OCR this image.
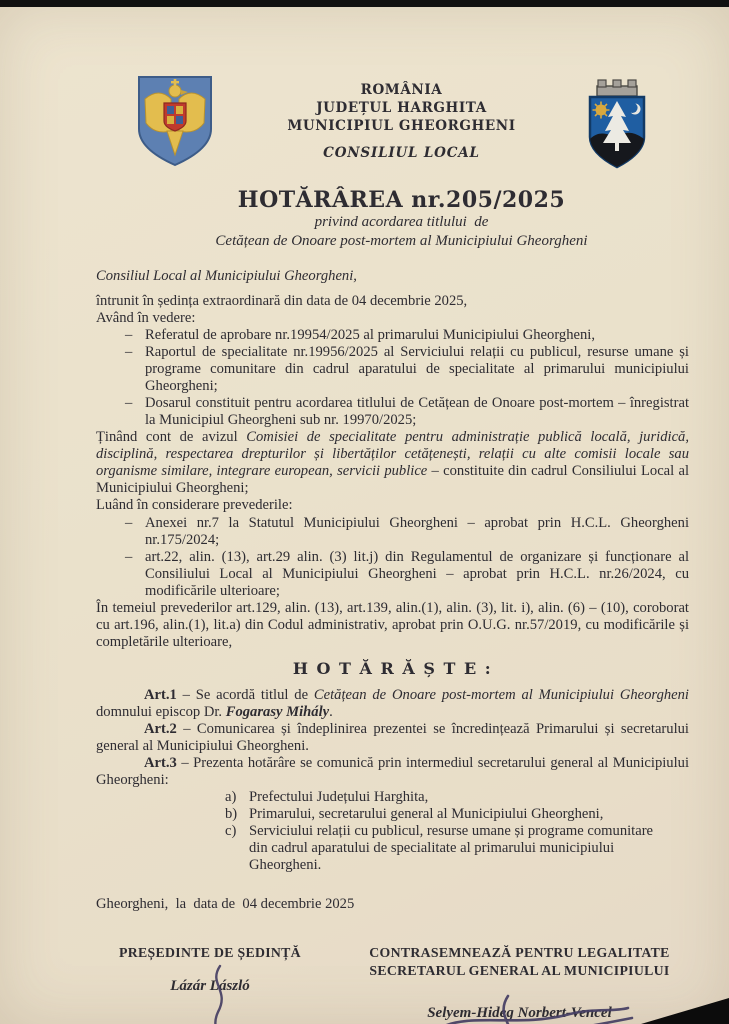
ROMÂNIA
JUDEȚUL HARGHITA
MUNICIPIUL GHEORGHENI
CONSILIUL LOCAL
HOTĂRÂREA nr.205/2025
privind acordarea titlului  de
Cetățean de Onoare post-mortem al Municipiului Gheorgheni

Consiliul Local al Municipiului Gheorgheni,

întrunit în ședința extraordinară din data de 04 decembrie 2025,

Având în vedere:

– Referatul de aprobare nr.19954/2025 al primarului Municipiului Gheorgheni,
– Raportul de specialitate nr.19956/2025 al Serviciului relații cu publicul, resurse umane și programe comunitare din cadrul aparatului de specialitate al primarului municipiului Gheorgheni;
– Dosarul constituit pentru acordarea titlului de Cetățean de Onoare post-mortem – înregistrat la Municipiul Gheorgheni sub nr. 19970/2025;

Ținând cont de avizul Comisiei de specialitate pentru administrație publică locală, juridică, disciplină, respectarea drepturilor și libertăților cetățenești, relații cu alte comisii locale sau organisme similare, integrare european, servicii publice – constituite din cadrul Consiliului Local al Municipiului Gheorgheni;

Luând în considerare prevederile:

– Anexei nr.7 la Statutul Municipiului Gheorgheni – aprobat prin H.C.L. Gheorgheni nr.175/2024;
– art.22, alin. (13), art.29 alin. (3) lit.j) din Regulamentul de organizare și funcționare al Consiliului Local al Municipiului Gheorgheni – aprobat prin H.C.L. nr.26/2024, cu modificările ulterioare;

În temeiul prevederilor art.129, alin. (13), art.139, alin.(1), alin. (3), lit. i), alin. (6) – (10), coroborat cu art.196, alin.(1), lit.a) din Codul administrativ, aprobat prin O.U.G. nr.57/2019, cu modificările și completările ulterioare,

H O T Ă R Ă Ș T E :

Art.1 – Se acordă titlul de Cetățean de Onoare post-mortem al Municipiului Gheorgheni domnului episcop Dr. Fogarasy Mihály.

Art.2 – Comunicarea și îndeplinirea prezentei se încredințează Primarului și secretarului general al Municipiului Gheorgheni.

Art.3 – Prezenta hotărâre se comunică prin intermediul secretarului general al Municipiului Gheorgheni:

a) Prefectului Județului Harghita,
b) Primarului, secretarului general al Municipiului Gheorgheni,
c) Serviciului relații cu publicul, resurse umane și programe comunitare din cadrul aparatului de specialitate al primarului municipiului Gheorgheni.

Gheorgheni,  la  data de  04 decembrie 2025

PREȘEDINTE DE ȘEDINȚĂ
Lázár László
CONTRASEMNEAZĂ PENTRU LEGALITATE
SECRETARUL GENERAL AL MUNICIPIULUI
Selyem-Hideg Norbert-Vencel
